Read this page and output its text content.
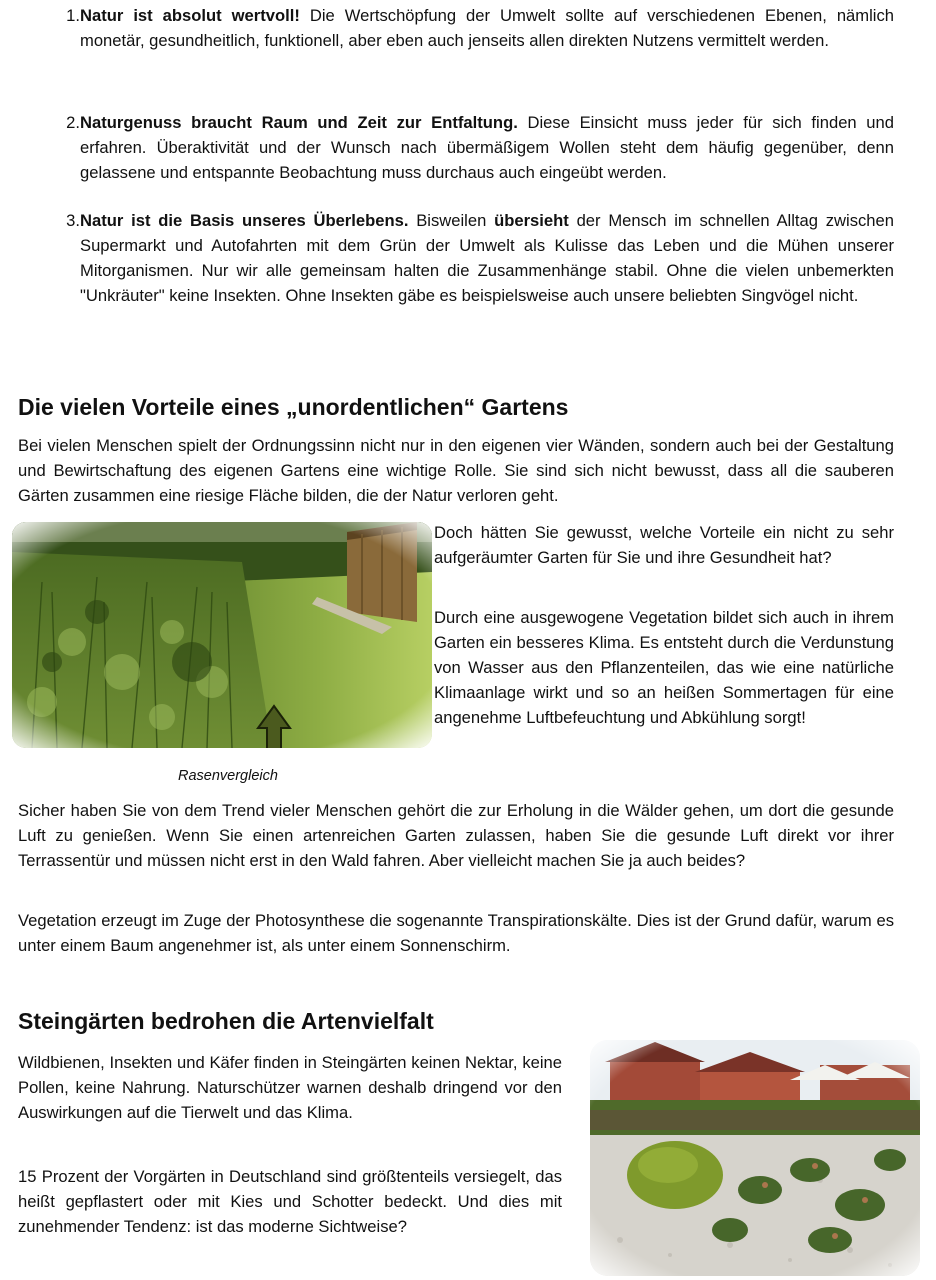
1. Natur ist absolut wertvoll! Die Wertschöpfung der Umwelt sollte auf verschiedenen Ebenen, nämlich monetär, gesundheitlich, funktionell, aber eben auch jenseits allen direkten Nutzens vermittelt werden.
2. Naturgenuss braucht Raum und Zeit zur Entfaltung. Diese Einsicht muss jeder für sich finden und erfahren. Überaktivität und der Wunsch nach übermäßigem Wollen steht dem häufig gegenüber, denn gelassene und entspannte Beobachtung muss durchaus auch eingeübt werden.
3. Natur ist die Basis unseres Überlebens. Bisweilen übersieht der Mensch im schnellen Alltag zwischen Supermarkt und Autofahrten mit dem Grün der Umwelt als Kulisse das Leben und die Mühen unserer Mitorganismen. Nur wir alle gemeinsam halten die Zusammenhänge stabil. Ohne die vielen unbemerkten "Unkräuter" keine Insekten. Ohne Insekten gäbe es beispielsweise auch unsere beliebten Singvögel nicht.
Die vielen Vorteile eines „unordentlichen“ Gartens

Bei vielen Menschen spielt der Ordnungssinn nicht nur in den eigenen vier Wänden, sondern auch bei der Gestaltung und Bewirtschaftung des eigenen Gartens eine wichtige Rolle. Sie sind sich nicht bewusst, dass all die sauberen Gärten zusammen eine riesige Fläche bilden, die der Natur verloren geht.

Rasenvergleich

Doch hätten Sie gewusst, welche Vorteile ein nicht zu sehr aufgeräumter Garten für Sie und ihre Gesundheit hat?

Durch eine ausgewogene Vegetation bildet sich auch in ihrem Garten ein besseres Klima. Es entsteht durch die Verdunstung von Wasser aus den Pflanzenteilen, das wie eine natürliche Klimaanlage wirkt und so an heißen Sommertagen für eine angenehme Luftbefeuchtung und Abkühlung sorgt!

Sicher haben Sie von dem Trend vieler Menschen gehört die zur Erholung in die Wälder gehen, um dort die gesunde Luft zu genießen. Wenn Sie einen artenreichen Garten zulassen, haben Sie die gesunde Luft direkt vor ihrer Terrassentür und müssen nicht erst in den Wald fahren. Aber vielleicht machen Sie ja auch beides?

Vegetation erzeugt im Zuge der Photosynthese die sogenannte Transpirationskälte. Dies ist der Grund dafür, warum es unter einem Baum angenehmer ist, als unter einem Sonnenschirm.

Steingärten bedrohen die Artenvielfalt

Wildbienen, Insekten und Käfer finden in Steingärten keinen Nektar, keine Pollen, keine Nahrung. Naturschützer warnen deshalb dringend vor den Auswirkungen auf die Tierwelt und das Klima.

15 Prozent der Vorgärten in Deutschland sind größtenteils versiegelt, das heißt gepflastert oder mit Kies und Schotter bedeckt. Und dies mit zunehmender Tendenz: ist das moderne Sichtweise?
